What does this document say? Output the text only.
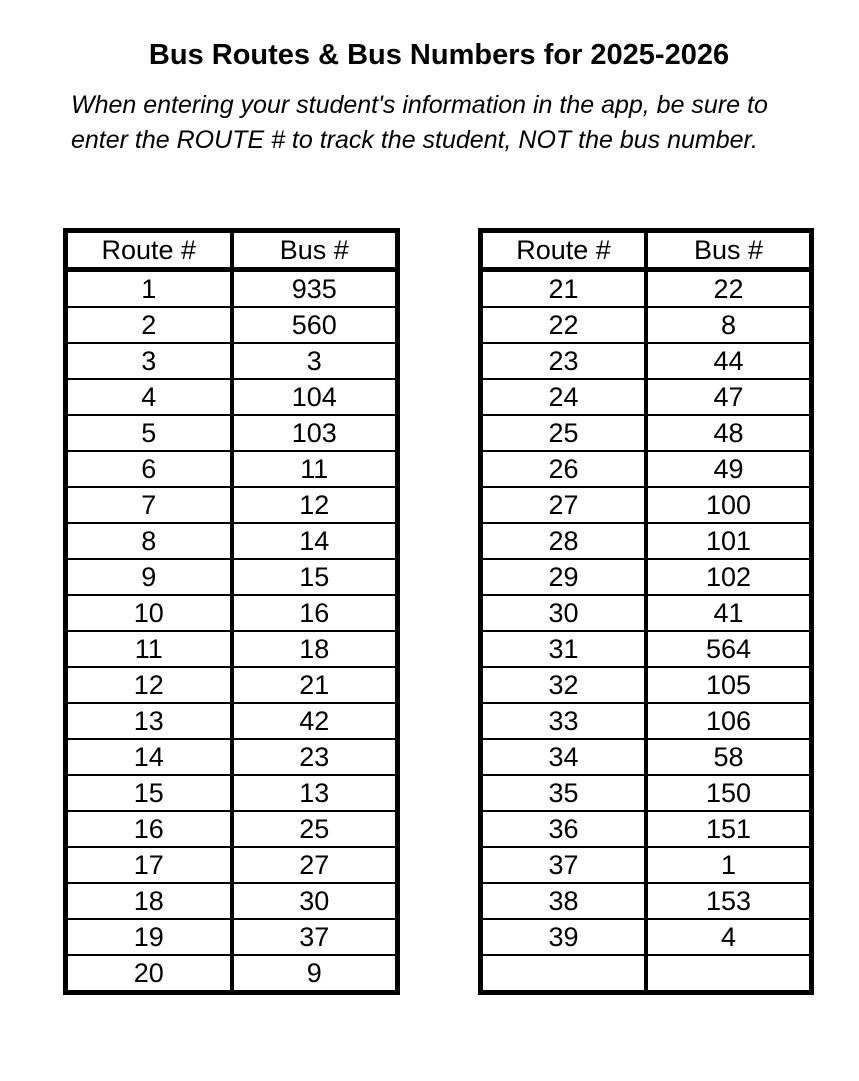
Bus Routes & Bus Numbers for 2025-2026

When entering your student's information in the app, be sure to enter the ROUTE # to track the student, NOT the bus number.

Route #	Bus #
1	935
2	560
3	3
4	104
5	103
6	11
7	12
8	14
9	15
10	16
11	18
12	21
13	42
14	23
15	13
16	25
17	27
18	30
19	37
20	9
Route #	Bus #
21	22
22	8
23	44
24	47
25	48
26	49
27	100
28	101
29	102
30	41
31	564
32	105
33	106
34	58
35	150
36	151
37	1
38	153
39	4
